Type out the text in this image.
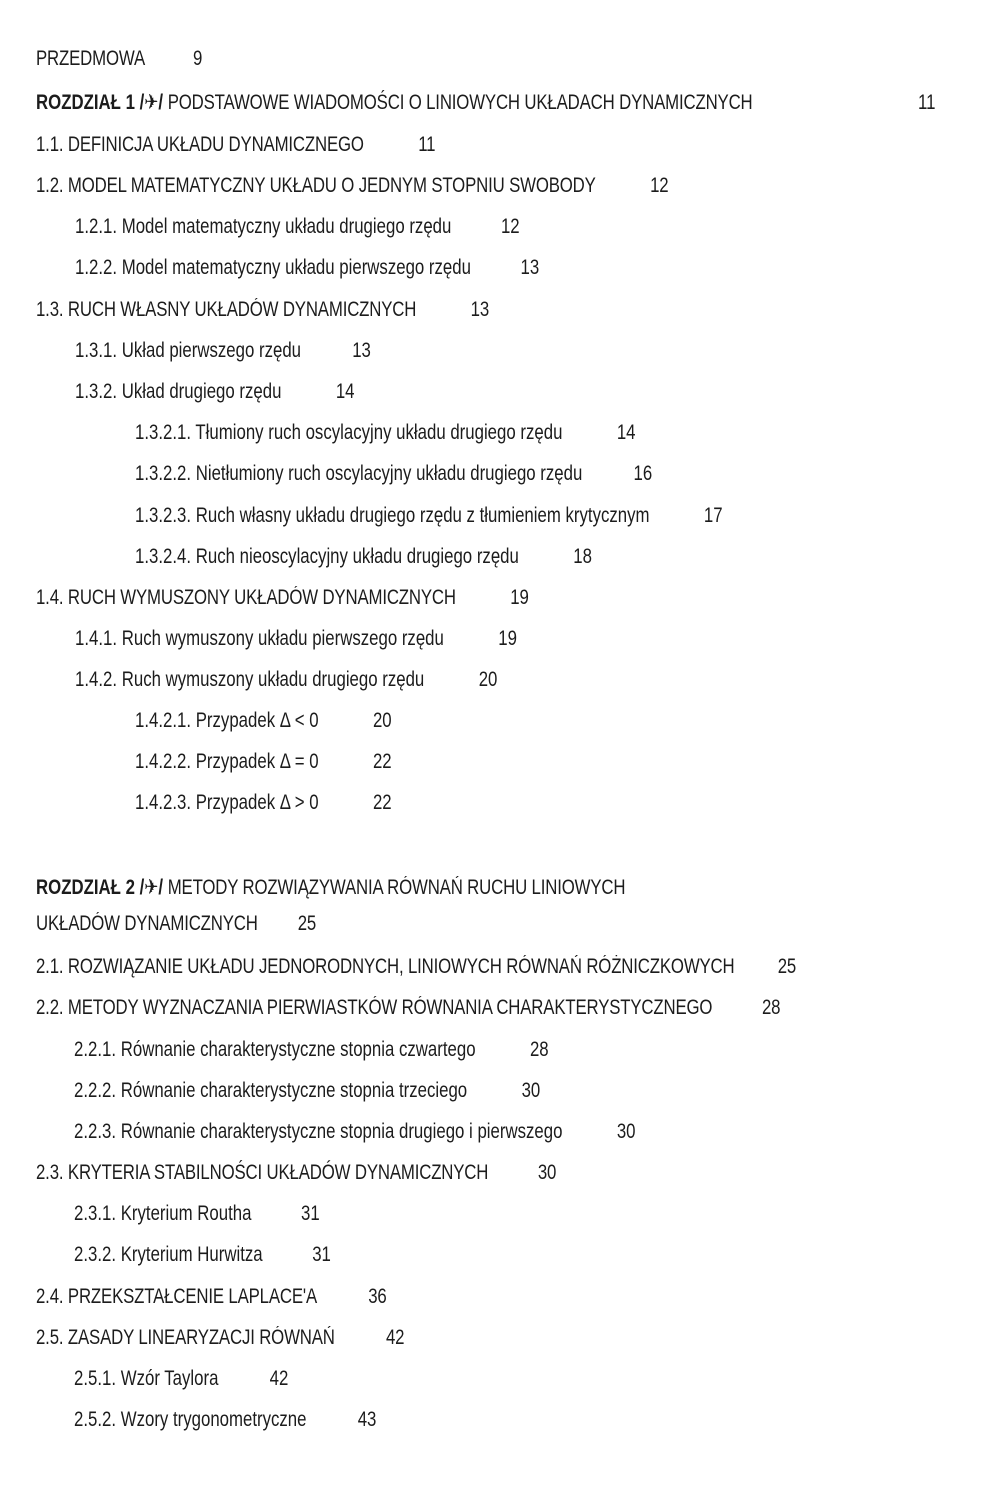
PRZEDMOWA 9
ROZDZIAŁ 1 /✈/ PODSTAWOWE WIADOMOŚCI O LINIOWYCH UKŁADACH DYNAMICZNYCH	11
1.1. DEFINICJA UKŁADU DYNAMICZNEGO	11
1.2. MODEL MATEMATYCZNY UKŁADU O JEDNYM STOPNIU SWOBODY	12
1.2.1. Model matematyczny układu drugiego rzędu 12
1.2.2. Model matematyczny układu pierwszego rzędu 13
1.3. RUCH WŁASNY UKŁADÓW DYNAMICZNYCH	13
1.3.1. Układ pierwszego rzędu 13
1.3.2. Układ drugiego rzędu	14
1.3.2.1. Tłumiony ruch oscylacyjny układu drugiego rzędu	14
1.3.2.2. Nietłumiony ruch oscylacyjny układu drugiego rzędu 16
1.3.2.3. Ruch własny układu drugiego rzędu z tłumieniem krytycznym	17
1.3.2.4. Ruch nieoscylacyjny układu drugiego rzędu	18
1.4. RUCH WYMUSZONY UKŁADÓW DYNAMICZNYCH	19
1.4.1. Ruch wymuszony układu pierwszego rzędu	19
1.4.2. Ruch wymuszony układu drugiego rzędu	20
1.4.2.1. Przypadek Δ < 0	20
1.4.2.2. Przypadek Δ = 0	22
1.4.2.3. Przypadek Δ > 0	22
ROZDZIAŁ 2 /✈/ METODY ROZWIĄZYWANIA RÓWNAŃ RUCHU LINIOWYCH
UKŁADÓW DYNAMICZNYCH 25
2.1. ROZWIĄZANIE UKŁADU JEDNORODNYCH, LINIOWYCH RÓWNAŃ RÓŻNICZKOWYCH 25
2.2. METODY WYZNACZANIA PIERWIASTKÓW RÓWNANIA CHARAKTERYSTYCZNEGO 28
2.2.1. Równanie charakterystyczne stopnia czwartego	28
2.2.2. Równanie charakterystyczne stopnia trzeciego	30
2.2.3. Równanie charakterystyczne stopnia drugiego i pierwszego	30
2.3. KRYTERIA STABILNOŚCI UKŁADÓW DYNAMICZNYCH 30
2.3.1. Kryterium Routha 31
2.3.2. Kryterium Hurwitza 31
2.4. PRZEKSZTAŁCENIE LAPLACE'A 36
2.5. ZASADY LINEARYZACJI RÓWNAŃ 42
2.5.1. Wzór Taylora 42
2.5.2. Wzory trygonometryczne 43
